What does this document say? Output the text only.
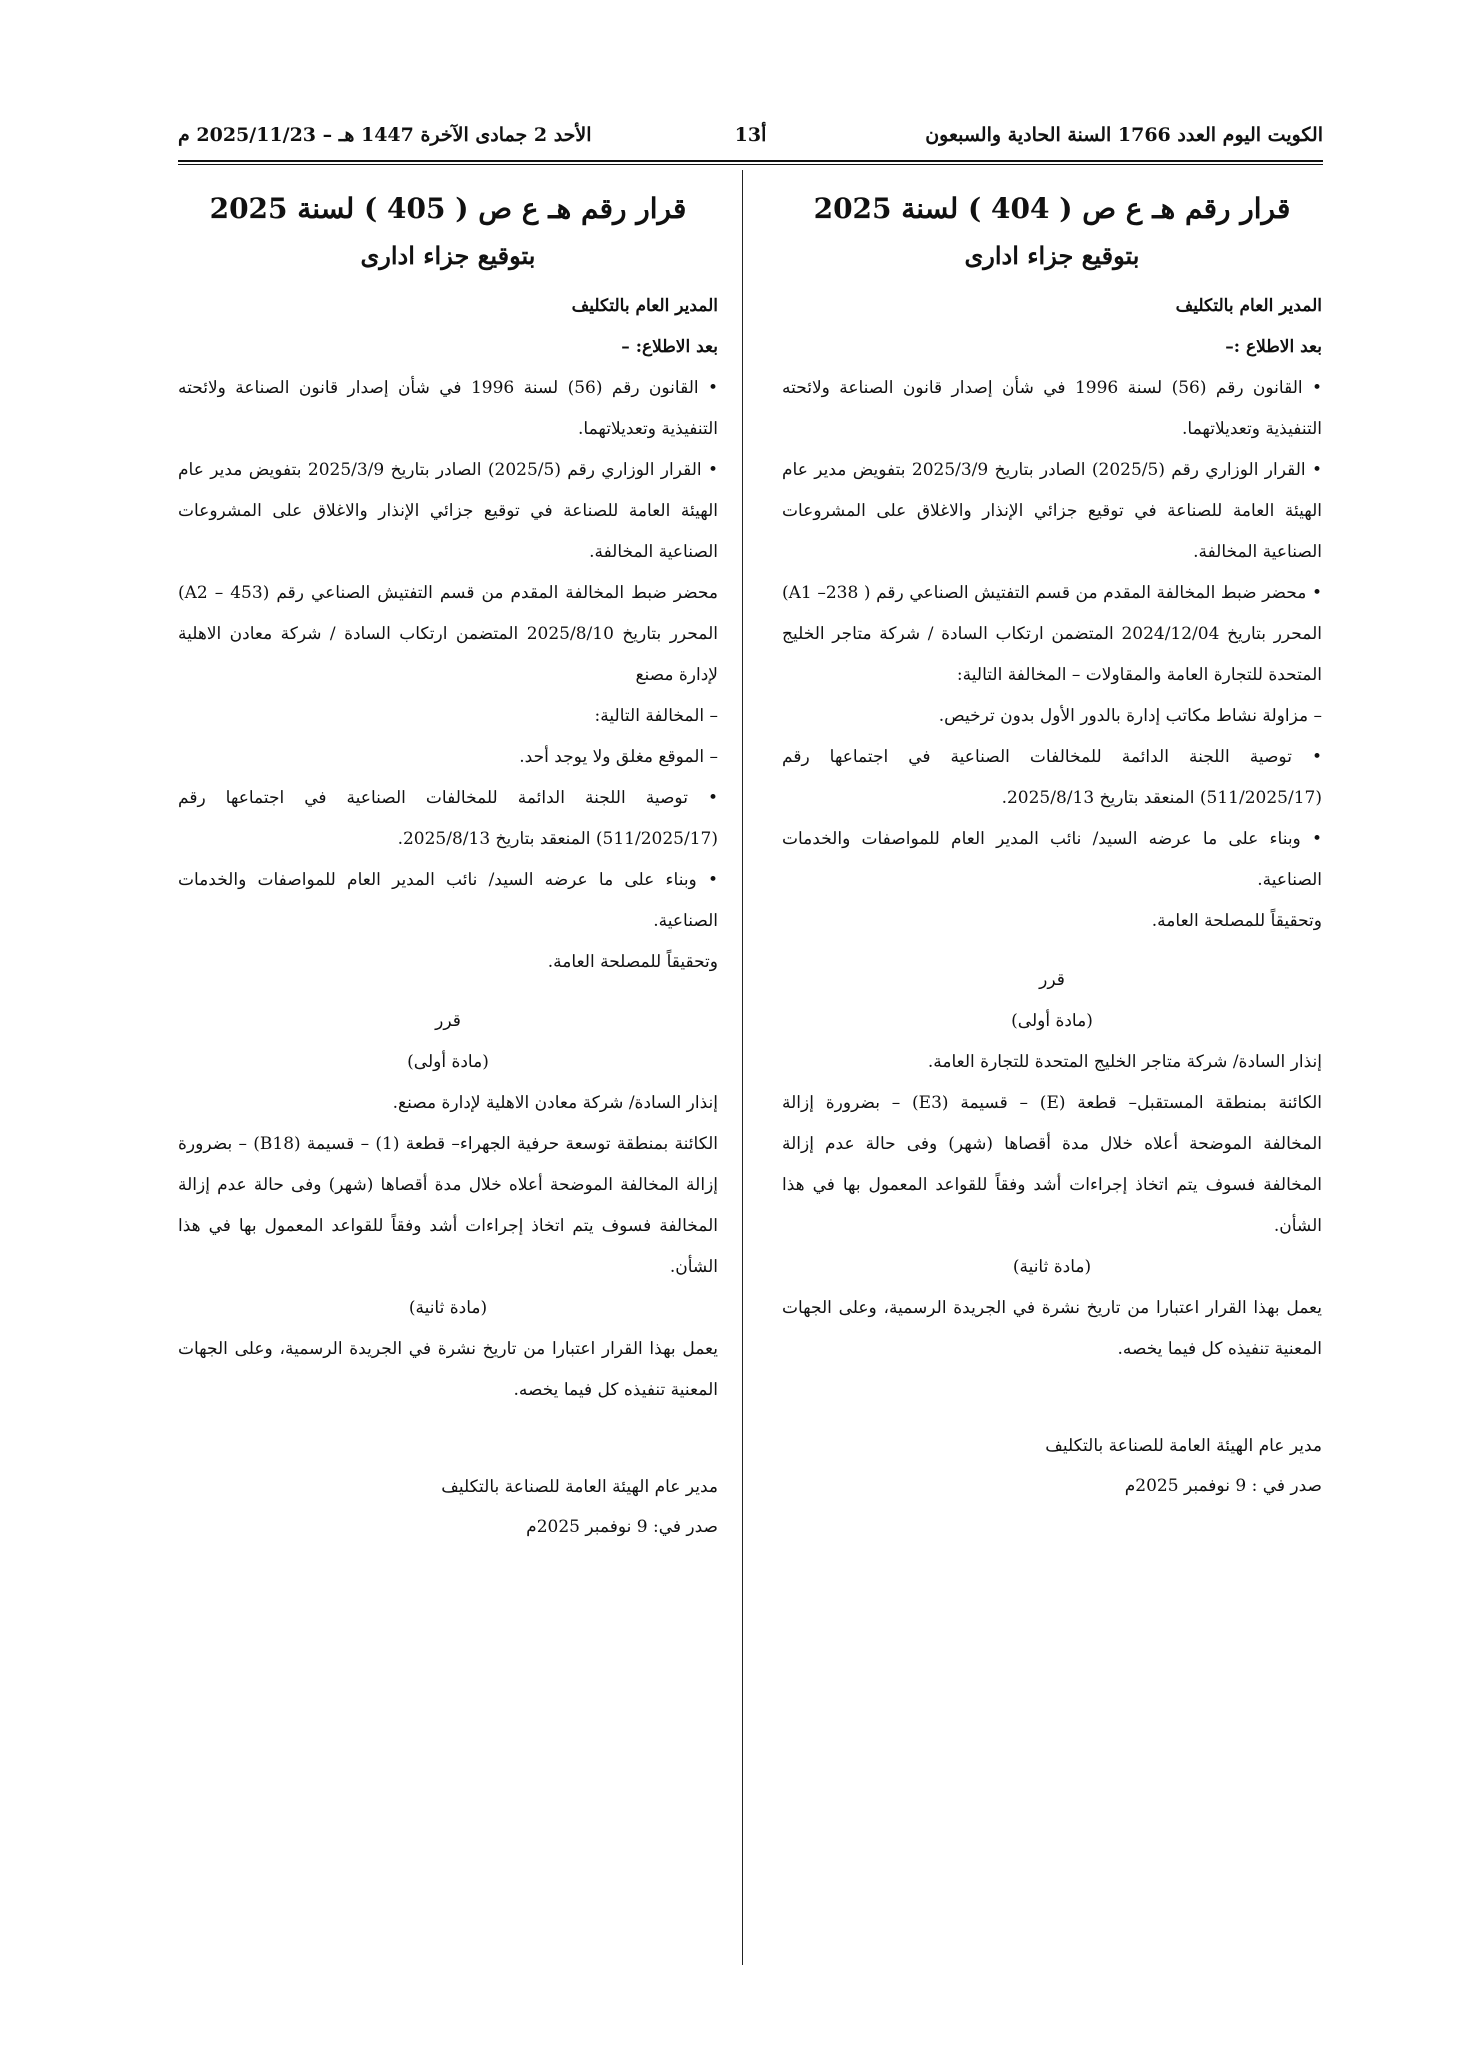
الكويت اليوم العدد 1766 السنة الحادية والسبعون
13أ
الأحد 2 جمادى الآخرة 1447 هـ – 2025/11/23 م
قرار رقم هـ ع ص ( 404 ) لسنة 2025
بتوقيع جزاء اداری

المدير العام بالتكليف

بعد الاطلاع :–

• القانون رقم (56) لسنة 1996 في شأن إصدار قانون الصناعة ولائحته التنفيذية وتعديلاتهما.

• القرار الوزاري رقم (2025/5) الصادر بتاريخ 2025/3/9 بتفويض مدير عام الهيئة العامة للصناعة في توقيع جزائي الإنذار والاغلاق على المشروعات الصناعية المخالفة.

• محضر ضبط المخالفة المقدم من قسم التفتيش الصناعي رقم ( A1 –238) المحرر بتاريخ 2024/12/04 المتضمن ارتكاب السادة / شركة متاجر الخليج المتحدة للتجارة العامة والمقاولات – المخالفة التالية:

– مزاولة نشاط مكاتب إدارة بالدور الأول بدون ترخيص.

• توصية اللجنة الدائمة للمخالفات الصناعية في اجتماعها رقم (511/2025/17) المنعقد بتاريخ 2025/8/13.

• وبناء على ما عرضه السيد/ نائب المدير العام للمواصفات والخدمات الصناعية.

وتحقيقاً للمصلحة العامة.

قرر

(مادة أولى)

إنذار السادة/ شركة متاجر الخليج المتحدة للتجارة العامة.

الكائنة بمنطقة المستقبل– قطعة (E) – قسيمة (E3) – بضرورة إزالة المخالفة الموضحة أعلاه خلال مدة أقصاها (شهر) وفى حالة عدم إزالة المخالفة فسوف يتم اتخاذ إجراءات أشد وفقاً للقواعد المعمول بها في هذا الشأن.

(مادة ثانية)

يعمل بهذا القرار اعتبارا من تاريخ نشرة في الجريدة الرسمية، وعلى الجهات المعنية تنفيذه كل فيما يخصه.

مدير عام الهيئة العامة للصناعة بالتكليف

صدر في : 9 نوفمبر 2025م

قرار رقم هـ ع ص ( 405 ) لسنة 2025
بتوقيع جزاء اداری

المدير العام بالتكليف

بعد الاطلاع: –

• القانون رقم (56) لسنة 1996 في شأن إصدار قانون الصناعة ولائحته التنفيذية وتعديلاتهما.

• القرار الوزاري رقم (2025/5) الصادر بتاريخ 2025/3/9 بتفويض مدير عام الهيئة العامة للصناعة في توقيع جزائي الإنذار والاغلاق على المشروعات الصناعية المخالفة.

محضر ضبط المخالفة المقدم من قسم التفتيش الصناعي رقم (A2 – 453) المحرر بتاريخ 2025/8/10 المتضمن ارتكاب السادة / شركة معادن الاهلية لإدارة مصنع

– المخالفة التالية:

– الموقع مغلق ولا يوجد أحد.

• توصية اللجنة الدائمة للمخالفات الصناعية في اجتماعها رقم (511/2025/17) المنعقد بتاريخ 2025/8/13.

• وبناء على ما عرضه السيد/ نائب المدير العام للمواصفات والخدمات الصناعية.

وتحقيقاً للمصلحة العامة.

قرر

(مادة أولى)

إنذار السادة/ شركة معادن الاهلية لإدارة مصنع.

الكائنة بمنطقة توسعة حرفية الجهراء– قطعة (1) – قسيمة (B18) – بضرورة إزالة المخالفة الموضحة أعلاه خلال مدة أقصاها (شهر) وفى حالة عدم إزالة المخالفة فسوف يتم اتخاذ إجراءات أشد وفقاً للقواعد المعمول بها في هذا الشأن.

(مادة ثانية)

يعمل بهذا القرار اعتبارا من تاريخ نشرة في الجريدة الرسمية، وعلى الجهات المعنية تنفيذه كل فيما يخصه.

مدير عام الهيئة العامة للصناعة بالتكليف

صدر في: 9 نوفمبر 2025م
